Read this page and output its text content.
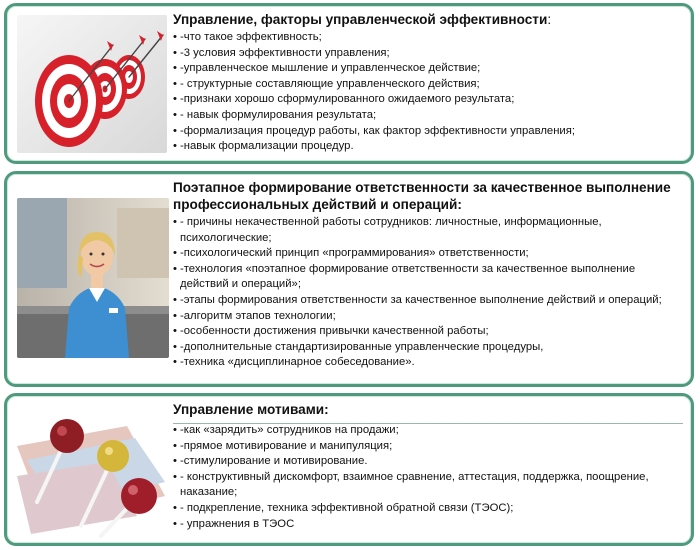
Управление, факторы управленческой эффективности:
• -что такое эффективность;
• -3 условия эффективности управления;
• -управленческое мышление и управленческое действие;
• - структурные составляющие управленческого действия;
• -признаки хорошо сформулированного ожидаемого результата;
• - навык формулирования результата;
• -формализация процедур работы, как фактор эффективности управления;
• -навык формализации процедур.
Поэтапное формирование ответственности за качественное выполнение профессиональных действий и операций:
• - причины некачественной работы сотрудников: личностные, информационные, психологические;
• -психологический принцип «программирования» ответственности;
• -технология «поэтапное формирование ответственности за качественное выполнение действий и операций»;
• -этапы формирования ответственности за качественное выполнение действий и операций;
• -алгоритм этапов технологии;
• -особенности достижения привычки качественной работы;
• -дополнительные стандартизированные управленческие процедуры,
• -техника «дисциплинарное собеседование».
Управление мотивами:
• -как «зарядить» сотрудников на продажи;
• -прямое мотивирование и манипуляция;
• -стимулирование и мотивирование.
• - конструктивный дискомфорт, взаимное сравнение, аттестация, поддержка, поощрение, наказание;
• - подкрепление, техника эффективной обратной связи (ТЭОС);
• - упражнения в ТЭОС
